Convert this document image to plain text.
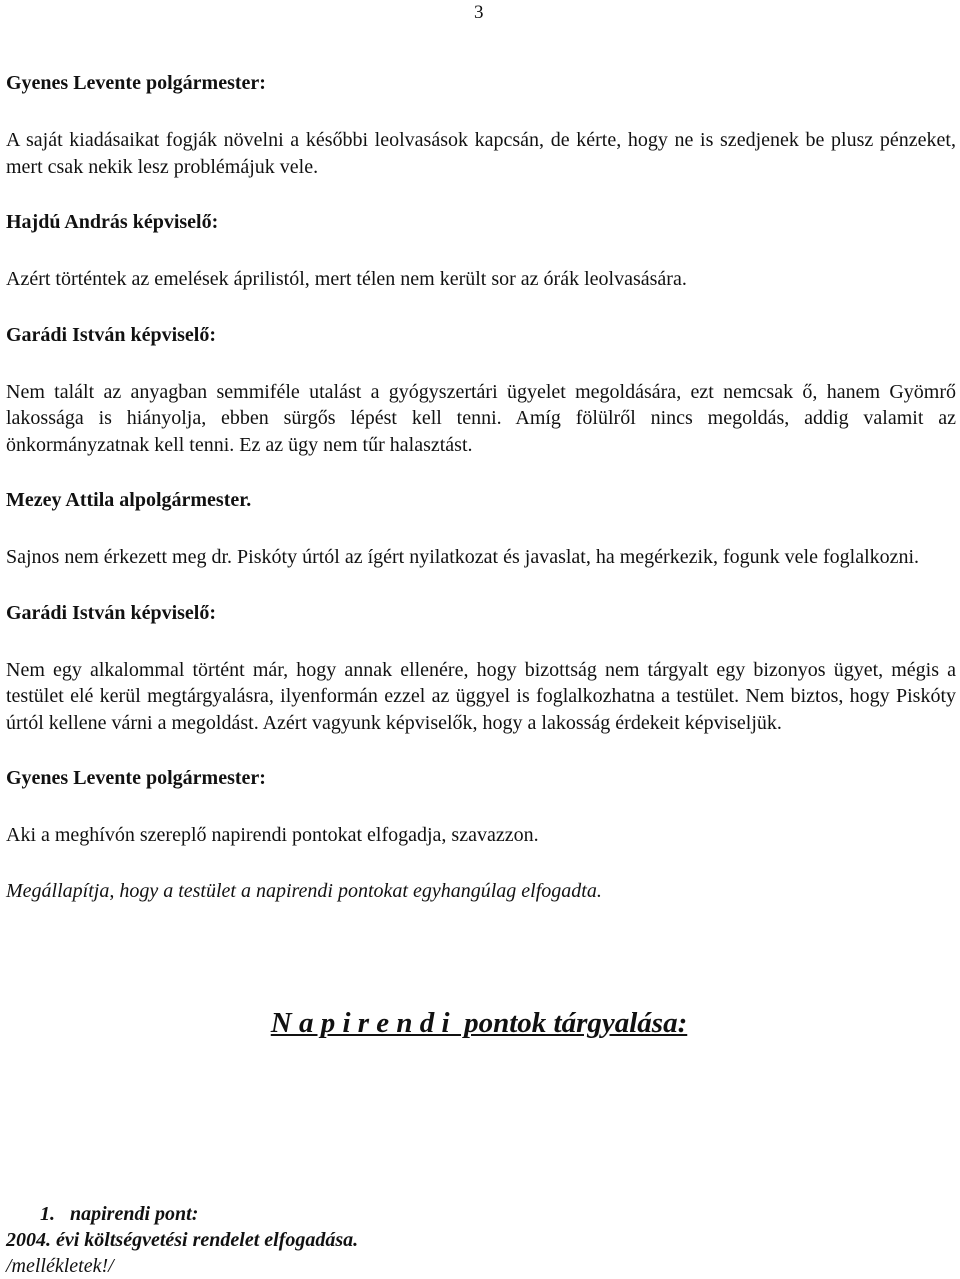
3
Gyenes Levente polgármester:
A saját kiadásaikat fogják növelni a későbbi leolvasások kapcsán, de kérte, hogy ne is szedjenek be plusz pénzeket, mert csak nekik lesz problémájuk vele.
Hajdú András képviselő:
Azért történtek az emelések áprilistól, mert télen nem került sor az órák leolvasására.
Garádi István képviselő:
Nem talált az anyagban semmiféle utalást a gyógyszertári ügyelet megoldására, ezt nemcsak ő, hanem Gyömrő lakossága is hiányolja, ebben sürgős lépést kell tenni. Amíg fölülről nincs megoldás, addig valamit az önkormányzatnak kell tenni. Ez az ügy nem tűr halasztást.
Mezey Attila alpolgármester.
Sajnos nem érkezett meg dr. Piskóty úrtól az ígért nyilatkozat és javaslat, ha megérkezik, fogunk vele foglalkozni.
Garádi István képviselő:
Nem egy alkalommal történt már, hogy annak ellenére, hogy bizottság nem tárgyalt egy bizonyos ügyet, mégis a testület elé kerül megtárgyalásra, ilyenformán ezzel az üggyel is foglalkozhatna a testület. Nem biztos, hogy Piskóty úrtól kellene várni a megoldást. Azért vagyunk képviselők, hogy a lakosság érdekeit képviseljük.
Gyenes Levente polgármester:
Aki a meghívón szereplő napirendi pontokat elfogadja, szavazzon.
Megállapítja, hogy a testület a napirendi pontokat egyhangúlag elfogadta.
N a p i r e n d i  pontok tárgyalása:
1.   napirendi pont:
2004. évi költségvetési rendelet elfogadása.
/mellékletek!/
